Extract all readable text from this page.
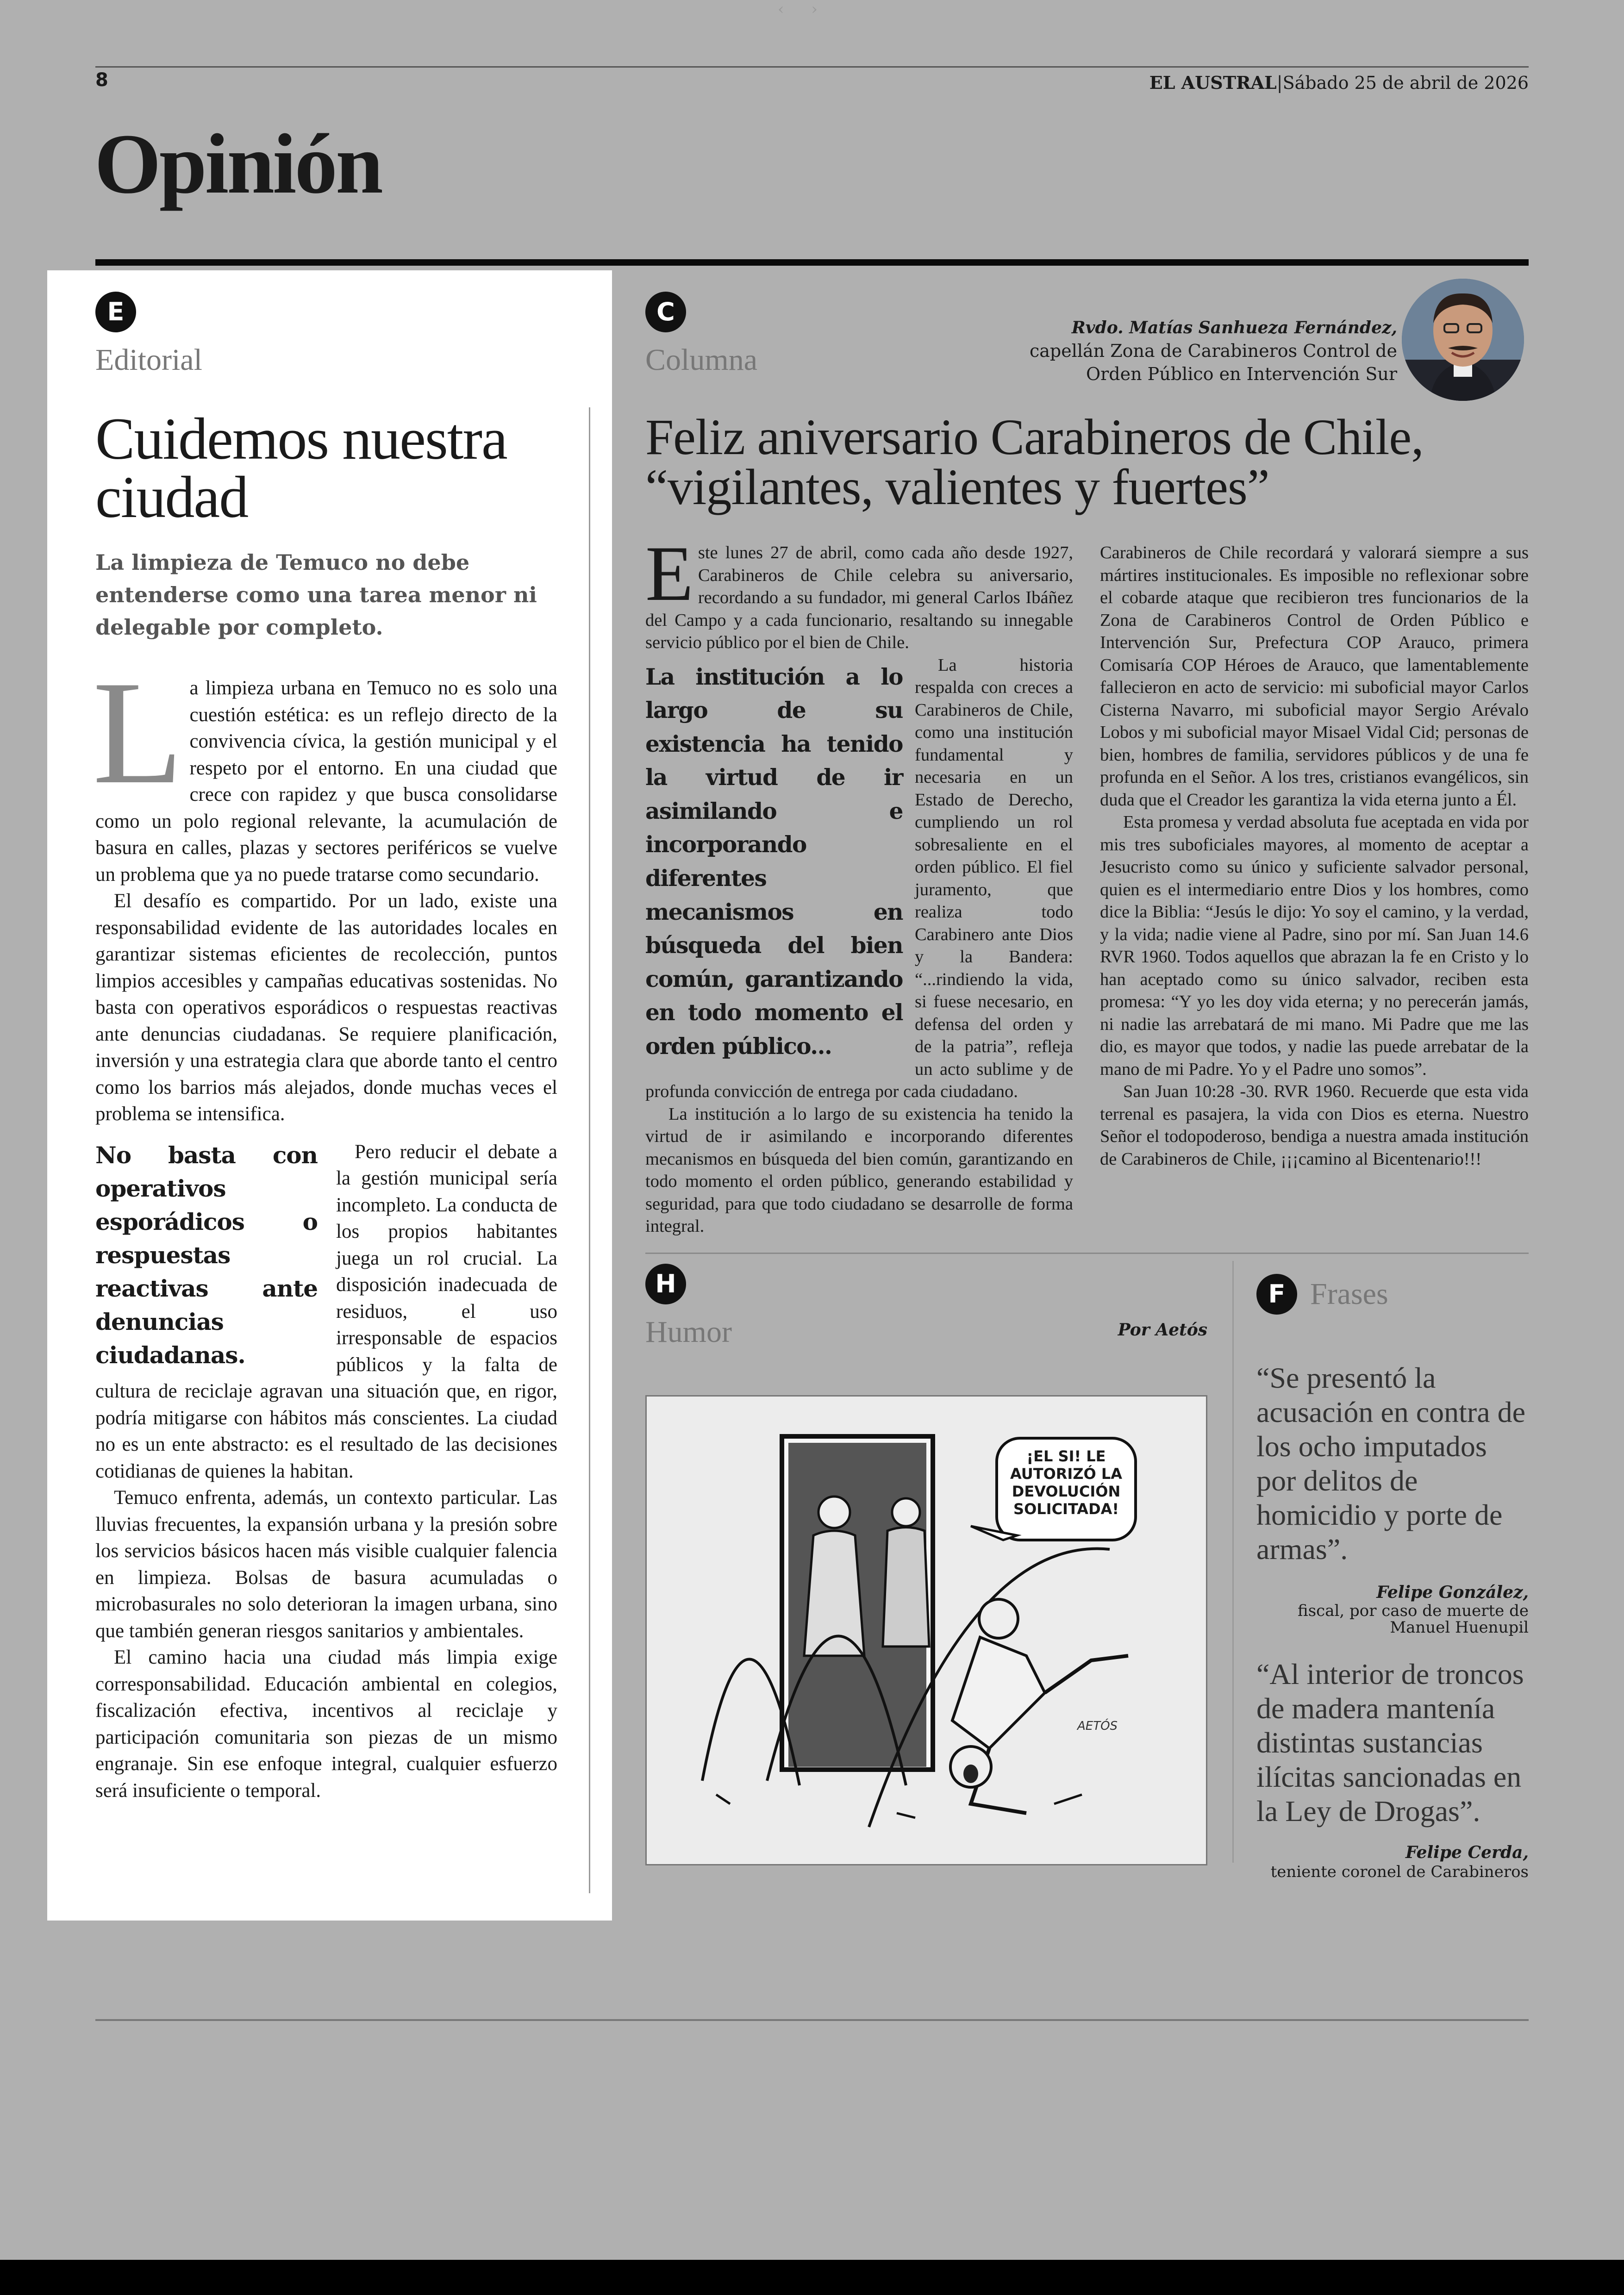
‹ ›
8	EL AUSTRAL|Sábado 25 de abril de 2026
Opinión
E
Editorial
Cuidemos nuestra ciudad
La limpieza de Temuco no debe entenderse como una tarea menor ni delegable por completo.

La limpieza urbana en Temuco no es solo una cuestión estética: es un reflejo directo de la convivencia cívica, la gestión municipal y el respeto por el entorno. En una ciudad que crece con rapidez y que busca consolidarse como un polo regional relevante, la acumulación de basura en calles, plazas y sectores periféricos se vuelve un problema que ya no puede tratarse como secundario.

El desafío es compartido. Por un lado, existe una responsabilidad evidente de las autoridades locales en garantizar sistemas eficientes de recolección, puntos limpios accesibles y campañas educativas sostenidas. No basta con operativos esporádicos o respuestas reactivas ante denuncias ciudadanas. Se requiere planificación, inversión y una estrategia clara que aborde tanto el centro como los barrios más alejados, donde muchas veces el problema se intensifica.

No basta con operativos esporádicos o respuestas reactivas ante denuncias ciudadanas.

Pero reducir el debate a la gestión municipal sería incompleto. La conducta de los propios habitantes juega un rol crucial. La disposición inadecuada de residuos, el uso irresponsable de espacios públicos y la falta de cultura de reciclaje agravan una situación que, en rigor, podría mitigarse con hábitos más conscientes. La ciudad no es un ente abstracto: es el resultado de las decisiones cotidianas de quienes la habitan.

Temuco enfrenta, además, un contexto particular. Las lluvias frecuentes, la expansión urbana y la presión sobre los servicios básicos hacen más visible cualquier falencia en limpieza. Bolsas de basura acumuladas o microbasurales no solo deterioran la imagen urbana, sino que también generan riesgos sanitarios y ambientales.

El camino hacia una ciudad más limpia exige corresponsabilidad. Educación ambiental en colegios, fiscalización efectiva, incentivos al reciclaje y participación comunitaria son piezas de un mismo engranaje. Sin ese enfoque integral, cualquier esfuerzo será insuficiente o temporal.

C
Columna
Rvdo. Matías Sanhueza Fernández,
capellán Zona de Carabineros Control de Orden Público en Intervención Sur
Feliz aniversario Carabineros de Chile, “vigilantes, valientes y fuertes”

Este lunes 27 de abril, como cada año desde 1927, Carabineros de Chile celebra su aniversario, recordando a su fundador, mi general Carlos Ibáñez del Campo y a cada funcionario, resaltando su innegable servicio público por el bien de Chile.

La institución a lo largo de su existencia ha tenido la virtud de ir asimilando e incorporando diferentes mecanismos en búsqueda del bien común, garantizando en todo momento el orden público...

La historia respalda con creces a Carabineros de Chile, como una institución fundamental y necesaria en un Estado de Derecho, cumpliendo un rol sobresaliente en el orden público. El fiel juramento, que realiza todo Carabinero ante Dios y la Bandera: “...rindiendo la vida, si fuese necesario, en defensa del orden y de la patria”, refleja un acto sublime y de profunda convicción de entrega por cada ciudadano.

La institución a lo largo de su existencia ha tenido la virtud de ir asimilando e incorporando diferentes mecanismos en búsqueda del bien común, garantizando en todo momento el orden público, generando estabilidad y seguridad, para que todo ciudadano se desarrolle de forma integral.

Carabineros de Chile recordará y valorará siempre a sus mártires institucionales. Es imposible no reflexionar sobre el cobarde ataque que recibieron tres funcionarios de la Zona de Carabineros Control de Orden Público e Intervención Sur, Prefectura COP Arauco, primera Comisaría COP Héroes de Arauco, que lamentablemente fallecieron en acto de servicio: mi suboficial mayor Carlos Cisterna Navarro, mi suboficial mayor Sergio Arévalo Lobos y mi suboficial mayor Misael Vidal Cid; personas de bien, hombres de familia, servidores públicos y de una fe profunda en el Señor. A los tres, cristianos evangélicos, sin duda que el Creador les garantiza la vida eterna junto a Él.

Esta promesa y verdad absoluta fue aceptada en vida por mis tres suboficiales mayores, al momento de aceptar a Jesucristo como su único y suficiente salvador personal, quien es el intermediario entre Dios y los hombres, como dice la Biblia: “Jesús le dijo: Yo soy el camino, y la verdad, y la vida; nadie viene al Padre, sino por mí. San Juan 14.6 RVR 1960. Todos aquellos que abrazan la fe en Cristo y lo han aceptado como su único salvador, reciben esta promesa: “Y yo les doy vida eterna; y no perecerán jamás, ni nadie las arrebatará de mi mano. Mi Padre que me las dio, es mayor que todos, y nadie las puede arrebatar de la mano de mi Padre. Yo y el Padre uno somos”.

San Juan 10:28 -30. RVR 1960. Recuerde que esta vida terrenal es pasajera, la vida con Dios es eterna. Nuestro Señor el todopoderoso, bendiga a nuestra amada institución de Carabineros de Chile, ¡¡¡camino al Bicentenario!!!

H
Humor	Por Aetós
¡EL SI! LE AUTORIZÓ LA DEVOLUCIÓN SOLICITADA!
AETÓS
F Frases
“Se presentó la acusación en contra de los ocho imputados por delitos de homicidio y porte de armas”.
Felipe González,
fiscal, por caso de muerte de Manuel Huenupil
“Al interior de troncos de madera mantenía distintas sustancias ilícitas sancionadas en la Ley de Drogas”.
Felipe Cerda,
teniente coronel de Carabineros
